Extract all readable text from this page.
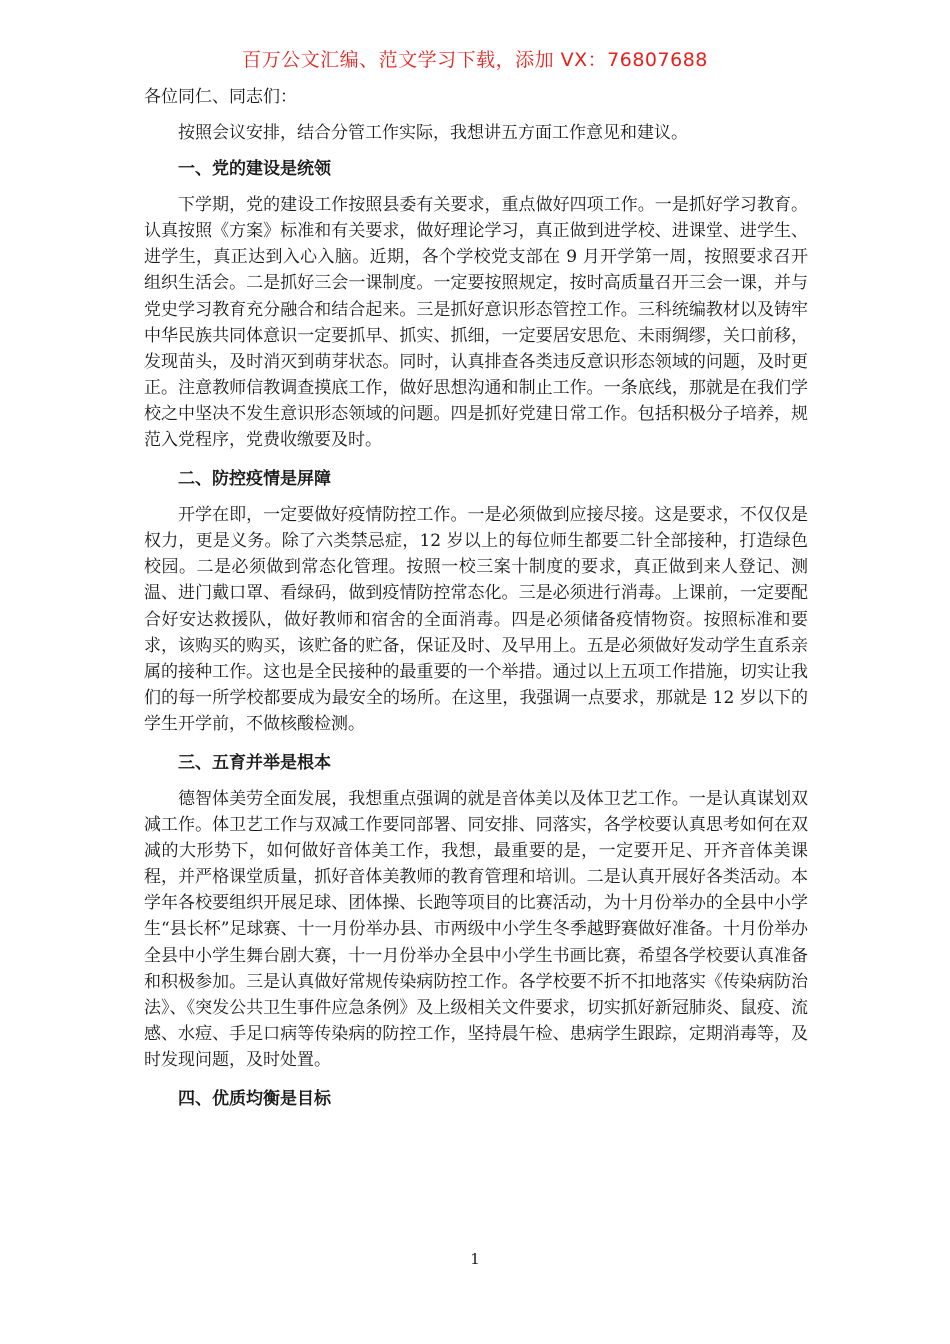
百万公文汇编、范文学习下载，添加 VX：76807688

各位同仁、同志们：

按照会议安排，结合分管工作实际，我想讲五方面工作意见和建议。

一、党的建设是统领

下学期，党的建设工作按照县委有关要求，重点做好四项工作。一是抓好学习教育。认真按照《方案》标准和有关要求，做好理论学习，真正做到进学校、进课堂、进学生、进学生，真正达到入心入脑。近期，各个学校党支部在 9 月开学第一周，按照要求召开组织生活会。二是抓好三会一课制度。一定要按照规定，按时高质量召开三会一课，并与党史学习教育充分融合和结合起来。三是抓好意识形态管控工作。三科统编教材以及铸牢中华民族共同体意识一定要抓早、抓实、抓细，一定要居安思危、未雨绸缪，关口前移，发现苗头，及时消灭到萌芽状态。同时，认真排查各类违反意识形态领域的问题，及时更正。注意教师信教调查摸底工作，做好思想沟通和制止工作。一条底线，那就是在我们学校之中坚决不发生意识形态领域的问题。四是抓好党建日常工作。包括积极分子培养，规范入党程序，党费收缴要及时。

二、防控疫情是屏障

开学在即，一定要做好疫情防控工作。一是必须做到应接尽接。这是要求，不仅仅是权力，更是义务。除了六类禁忌症，12 岁以上的每位师生都要二针全部接种，打造绿色校园。二是必须做到常态化管理。按照一校三案十制度的要求，真正做到来人登记、测温、进门戴口罩、看绿码，做到疫情防控常态化。三是必须进行消毒。上课前，一定要配合好安达救援队，做好教师和宿舍的全面消毒。四是必须储备疫情物资。按照标准和要求，该购买的购买，该贮备的贮备，保证及时、及早用上。五是必须做好发动学生直系亲属的接种工作。这也是全民接种的最重要的一个举措。通过以上五项工作措施，切实让我们的每一所学校都要成为最安全的场所。在这里，我强调一点要求，那就是 12 岁以下的学生开学前，不做核酸检测。

三、五育并举是根本

德智体美劳全面发展，我想重点强调的就是音体美以及体卫艺工作。一是认真谋划双减工作。体卫艺工作与双减工作要同部署、同安排、同落实，各学校要认真思考如何在双减的大形势下，如何做好音体美工作，我想，最重要的是，一定要开足、开齐音体美课程，并严格课堂质量，抓好音体美教师的教育管理和培训。二是认真开展好各类活动。本学年各校要组织开展足球、团体操、长跑等项目的比赛活动，为十月份举办的全县中小学生“县长杯”足球赛、十一月份举办县、市两级中小学生冬季越野赛做好准备。十月份举办全县中小学生舞台剧大赛，十一月份举办全县中小学生书画比赛，希望各学校要认真准备和积极参加。三是认真做好常规传染病防控工作。各学校要不折不扣地落实《传染病防治法》、《突发公共卫生事件应急条例》及上级相关文件要求，切实抓好新冠肺炎、鼠疫、流感、水痘、手足口病等传染病的防控工作，坚持晨午检、患病学生跟踪，定期消毒等，及时发现问题，及时处置。

四、优质均衡是目标

1
